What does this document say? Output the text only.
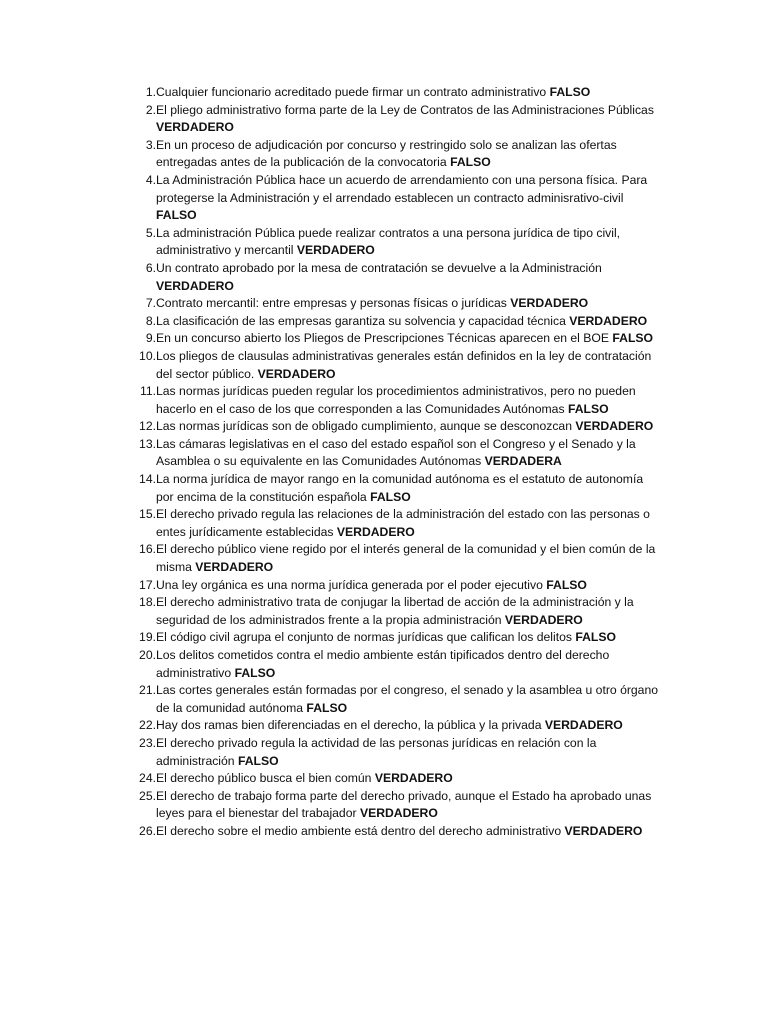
1. Cualquier funcionario acreditado puede firmar un contrato administrativo FALSO
2. El pliego administrativo forma parte de la Ley de Contratos de las Administraciones Públicas VERDADERO
3. En un proceso de adjudicación por concurso y restringido solo se analizan las ofertas entregadas antes de la publicación de la convocatoria FALSO
4. La Administración Pública hace un acuerdo de arrendamiento con una persona física. Para protegerse la Administración y el arrendado establecen un contracto adminisrativo-civil FALSO
5. La administración Pública puede realizar contratos a una persona jurídica de tipo civil, administrativo y mercantil VERDADERO
6. Un contrato aprobado por la mesa de contratación se devuelve a la Administración VERDADERO
7. Contrato mercantil: entre empresas y personas físicas o jurídicas VERDADERO
8. La clasificación de las empresas garantiza su solvencia y capacidad técnica VERDADERO
9. En un concurso abierto los Pliegos de Prescripciones Técnicas aparecen en el BOE FALSO
10. Los pliegos de clausulas administrativas generales están definidos en la ley de contratación del sector público. VERDADERO
11. Las normas jurídicas pueden regular los procedimientos administrativos, pero no pueden hacerlo en el caso de los que corresponden a las Comunidades Autónomas FALSO
12. Las normas jurídicas son de obligado cumplimiento, aunque se desconozcan VERDADERO
13. Las cámaras legislativas en el caso del estado español son el Congreso y el Senado y la Asamblea o su equivalente en las Comunidades Autónomas VERDADERA
14. La norma jurídica de mayor rango en la comunidad autónoma es el estatuto de autonomía por encima de la constitución española FALSO
15. El derecho privado regula las relaciones de la administración del estado con las personas o entes jurídicamente establecidas VERDADERO
16. El derecho público viene regido por el interés general de la comunidad y el bien común de la misma VERDADERO
17. Una ley orgánica es una norma jurídica generada por el poder ejecutivo FALSO
18. El derecho administrativo trata de conjugar la libertad de acción de la administración y la seguridad de los administrados frente a la propia administración VERDADERO
19. El código civil agrupa el conjunto de normas jurídicas que califican los delitos FALSO
20. Los delitos cometidos contra el medio ambiente están tipificados dentro del derecho administrativo FALSO
21. Las cortes generales están formadas por el congreso, el senado y la asamblea u otro órgano de la comunidad autónoma FALSO
22. Hay dos ramas bien diferenciadas en el derecho, la pública y la privada VERDADERO
23. El derecho privado regula la actividad de las personas jurídicas en relación con la administración FALSO
24. El derecho público busca el bien común VERDADERO
25. El derecho de trabajo forma parte del derecho privado, aunque el Estado ha aprobado unas leyes para el bienestar del trabajador VERDADERO
26. El derecho sobre el medio ambiente está dentro del derecho administrativo VERDADERO
